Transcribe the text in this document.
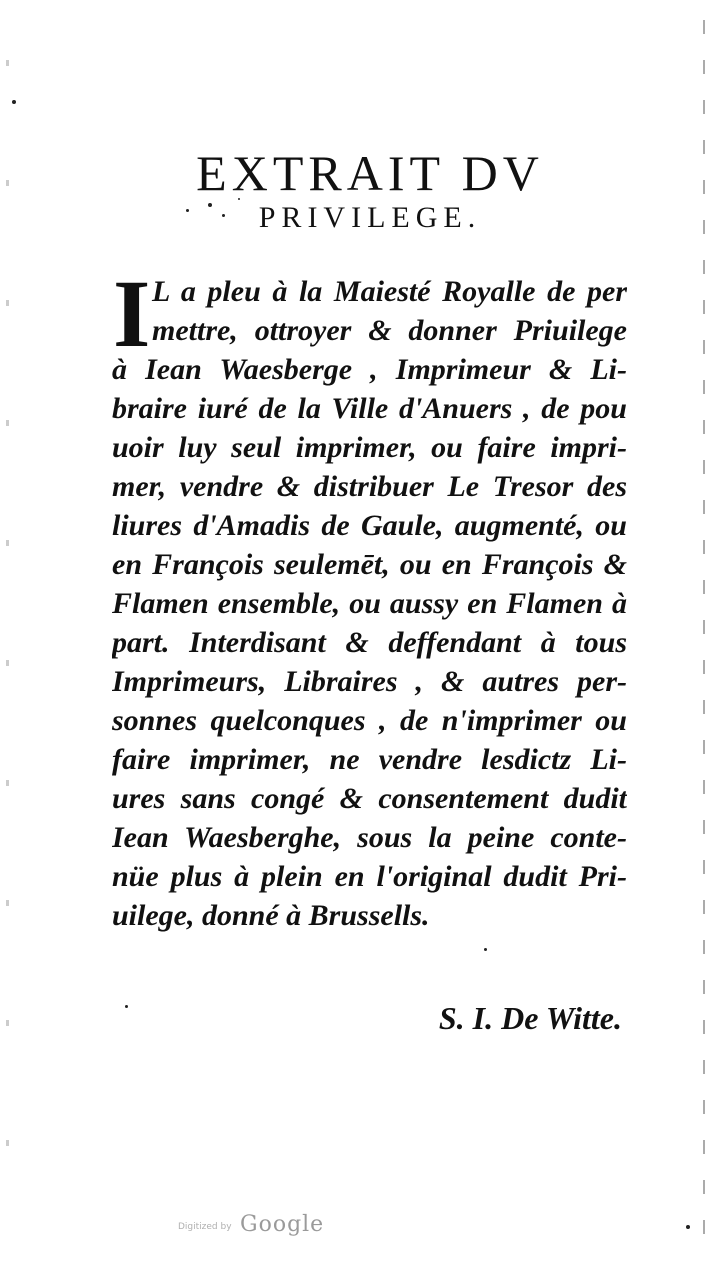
EXTRAIT DV
PRIVILEGE.
I L a pleu à la Maiesté Royalle de per
mettre, ottroyer & donner Priuilege
à Iean Waesberge , Imprimeur & Li-
braire iuré de la Ville d'Anuers , de pou
uoir luy seul imprimer, ou faire impri-
mer, vendre & distribuer Le Tresor des
liures d'Amadis de Gaule, augmenté, ou
en François seulemēt, ou en François &
Flamen ensemble, ou aussy en Flamen à
part. Interdisant & deffendant à tous
Imprimeurs, Libraires , & autres per-
sonnes quelconques , de n'imprimer ou
faire imprimer, ne vendre lesdictz Li-
ures sans congé & consentement dudit
Iean Waesberghe, sous la peine conte-
nüe plus à plein en l'original dudit Pri-
uilege, donné à Brussells.
S. I. De Witte.
Digitized by Google
